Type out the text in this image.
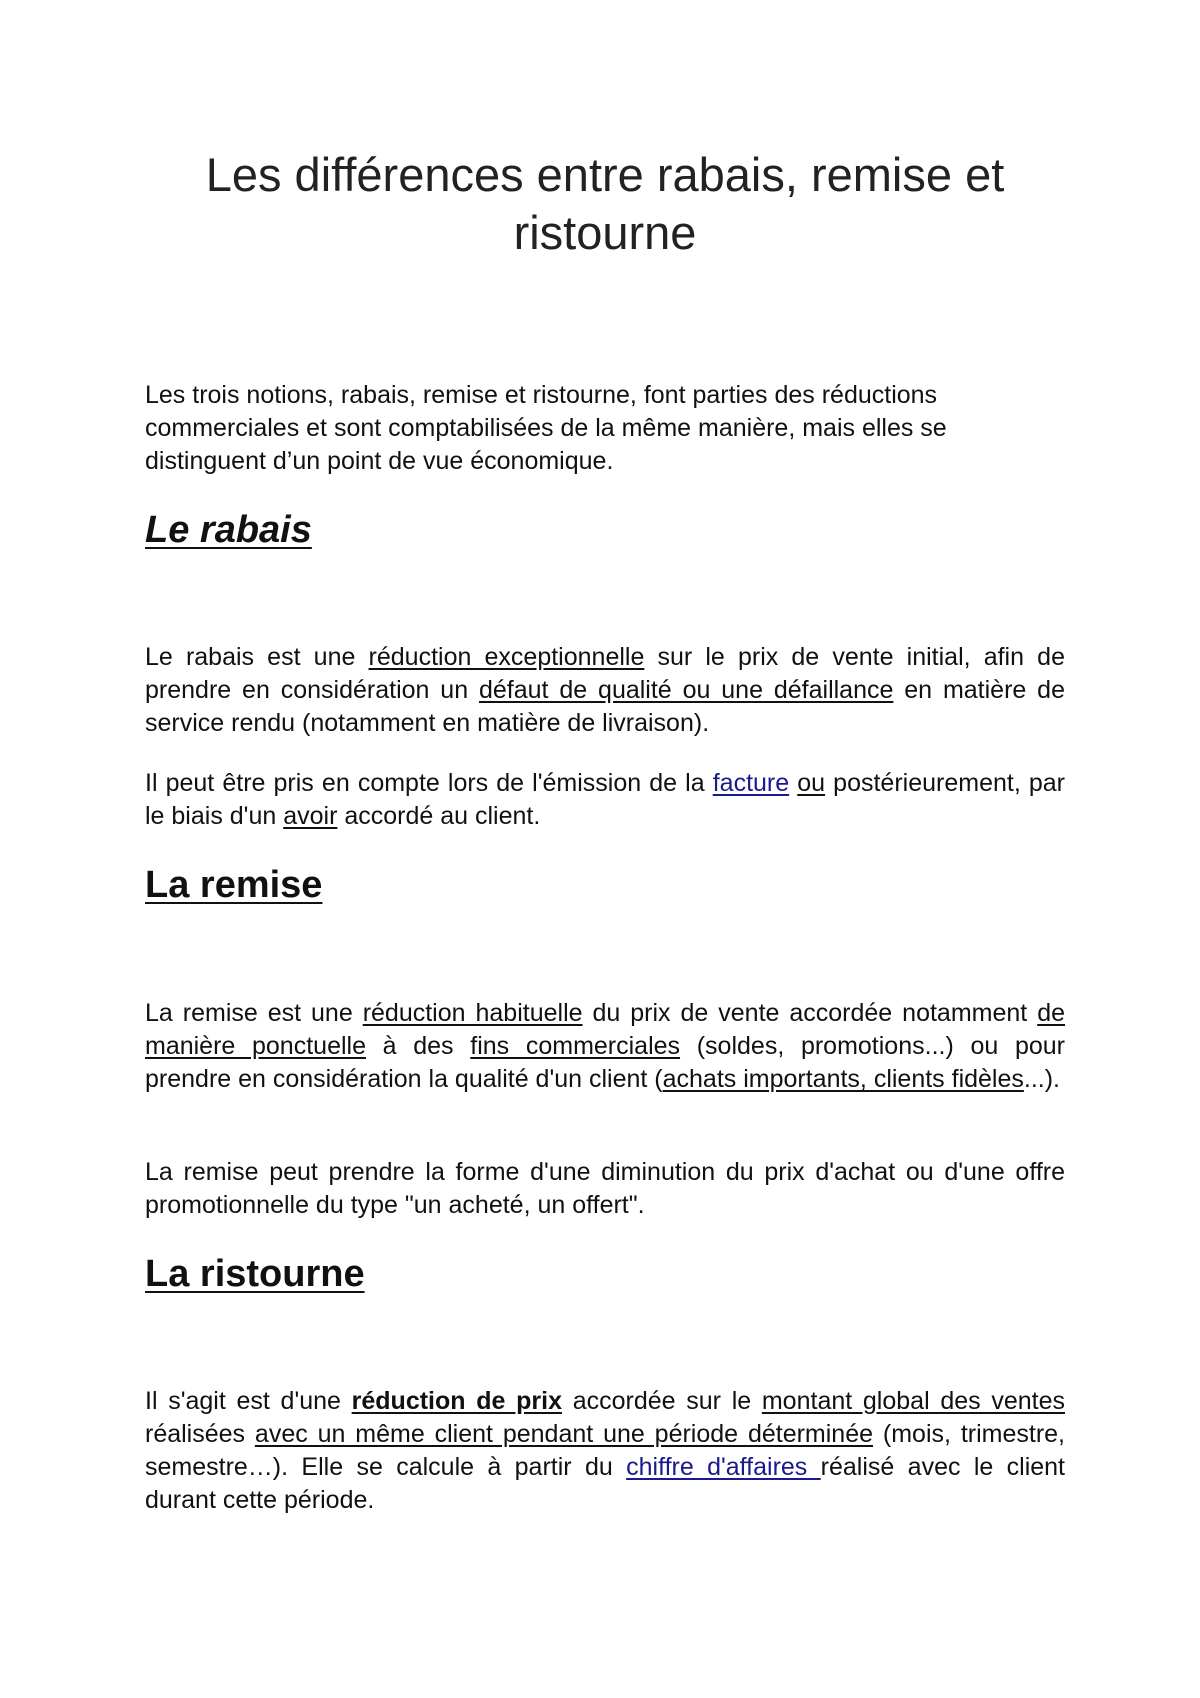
Les différences entre rabais, remise et
ristourne

Les trois notions, rabais, remise et ristourne, font parties des réductions commerciales et sont comptabilisées de la même manière, mais elles se distinguent d’un point de vue économique.

Le rabais

Le rabais est une réduction exceptionnelle sur le prix de vente initial, afin de prendre en considération un défaut de qualité ou une défaillance en matière de service rendu (notamment en matière de livraison).

Il peut être pris en compte lors de l'émission de la facture ou postérieurement, par le biais d'un avoir accordé au client.

La remise

La remise est une réduction habituelle du prix de vente accordée notamment de manière ponctuelle à des fins commerciales (soldes, promotions...) ou pour prendre en considération la qualité d'un client (achats importants, clients fidèles...).

La remise peut prendre la forme d'une diminution du prix d'achat ou d'une offre promotionnelle du type "un acheté, un offert".

La ristourne

Il s'agit est d'une réduction de prix accordée sur le montant global des ventes réalisées avec un même client pendant une période déterminée (mois, trimestre, semestre…). Elle se calcule à partir du chiffre d'affaires réalisé avec le client durant cette période.
